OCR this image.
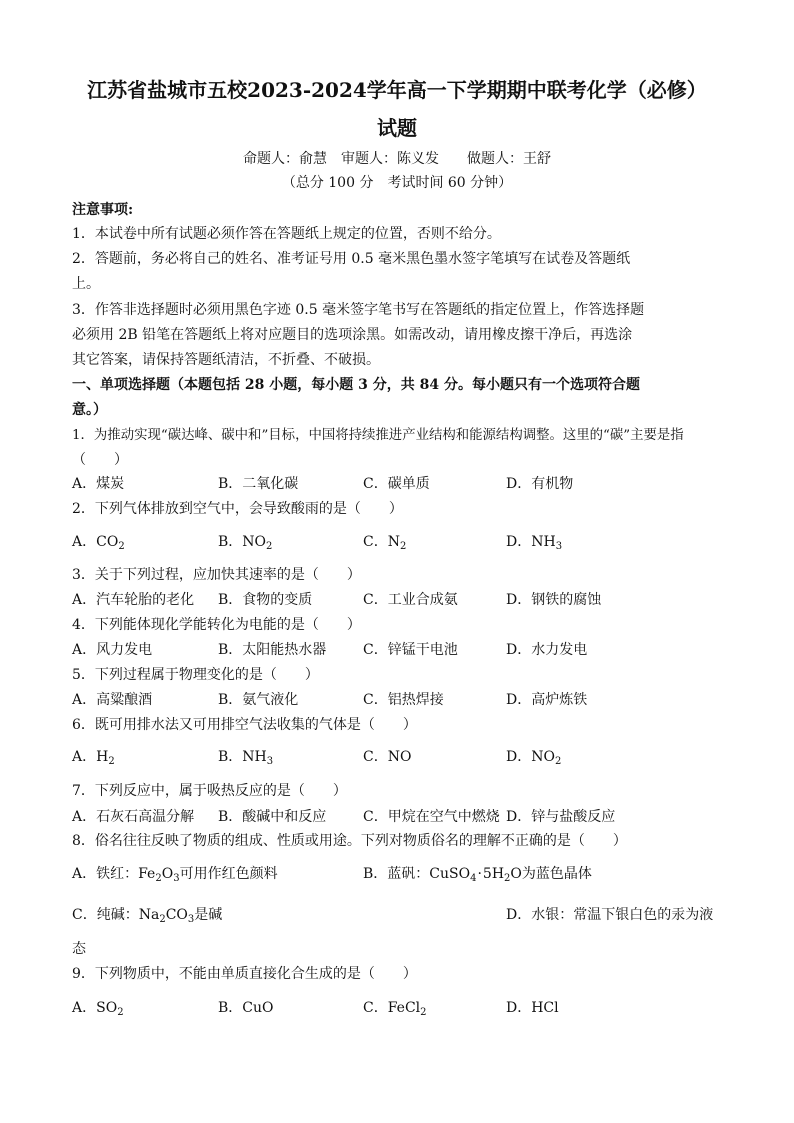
江苏省盐城市五校2023-2024学年高一下学期期中联考化学（必修）
试题
命题人：俞慧　审题人：陈义发　　做题人：王舒
（总分 100 分　考试时间 60 分钟）
注意事项:
1．本试卷中所有试题必须作答在答题纸上规定的位置，否则不给分。
2．答题前，务必将自己的姓名、准考证号用 0.5 毫米黑色墨水签字笔填写在试卷及答题纸
上。
3．作答非选择题时必须用黑色字迹 0.5 毫米签字笔书写在答题纸的指定位置上，作答选择题
必须用 2B 铅笔在答题纸上将对应题目的选项涂黑。如需改动，请用橡皮擦干净后，再选涂
其它答案，请保持答题纸清洁，不折叠、不破损。
一、单项选择题（本题包括 28 小题，每小题 3 分，共 84 分。每小题只有一个选项符合题
意。）
1．为推动实现“碳达峰、碳中和”目标，中国将持续推进产业结构和能源结构调整。这里的“碳”主要是指
（　　）
A．煤炭	B．二氧化碳	C．碳单质	D．有机物
2．下列气体排放到空气中，会导致酸雨的是（　　）
A．$CO_2$	B．$NO_2$	C．$N_2$	D．$NH_3$
3．关于下列过程，应加快其速率的是（　　）
A．汽车轮胎的老化 B．食物的变质	C．工业合成氨	D．钢铁的腐蚀
4．下列能体现化学能转化为电能的是（　　）
A．风力发电	B．太阳能热水器	C．锌锰干电池	D．水力发电
5．下列过程属于物理变化的是（　　）
A．高粱酿酒	B．氨气液化	C．铝热焊接	D．高炉炼铁
6．既可用排水法又可用排空气法收集的气体是（　　）
A．$H_2$	B．$NH_3$	C．NO	D．$NO_2$
7．下列反应中，属于吸热反应的是（　　）
A．石灰石高温分解 B．酸碱中和反应	C．甲烷在空气中燃烧 D．锌与盐酸反应
8．俗名往往反映了物质的组成、性质或用途。下列对物质俗名的理解不正确的是（　　）
A．铁红：$Fe_2O_3$可用作红色颜料	B．蓝矾：$CuSO_4\cdot 5H_2O$为蓝色晶体
C．纯碱：$Na_2CO_3$是碱	D．水银：常温下银白色的汞为液
态
9．下列物质中，不能由单质直接化合生成的是（　　）
A．$SO_2$	B．CuO	C．FeCl$_2$	D．HCl
